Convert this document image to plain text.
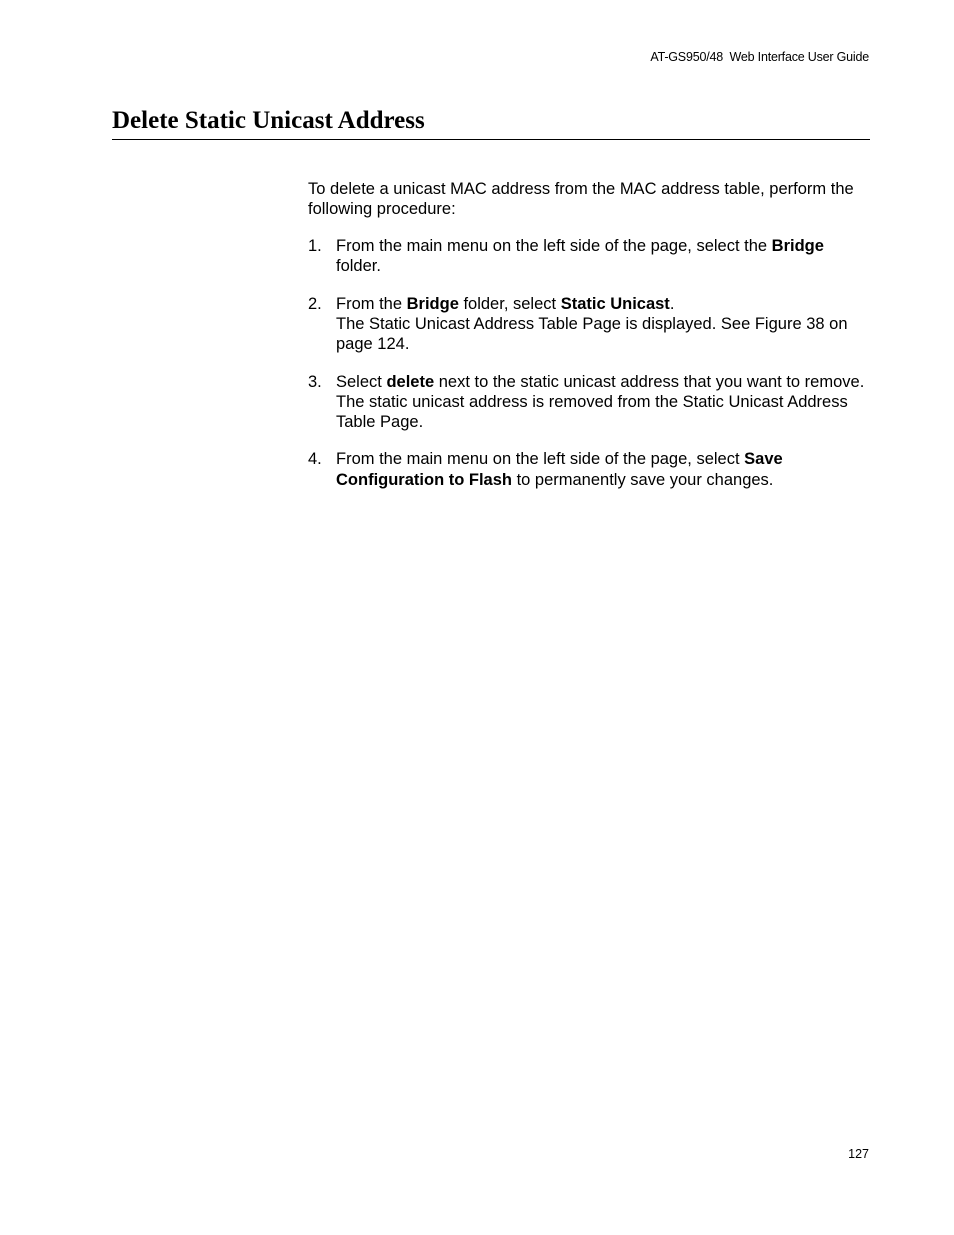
AT-GS950/48  Web Interface User Guide
Delete Static Unicast Address

To delete a unicast MAC address from the MAC address table, perform the following procedure:

1. From the main menu on the left side of the page, select the Bridge folder.

2. From the Bridge folder, select Static Unicast.

The Static Unicast Address Table Page is displayed. See Figure 38 on page 124.

3. Select delete next to the static unicast address that you want to remove.

The static unicast address is removed from the Static Unicast Address Table Page.

4. From the main menu on the left side of the page, select Save Configuration to Flash to permanently save your changes.

127
